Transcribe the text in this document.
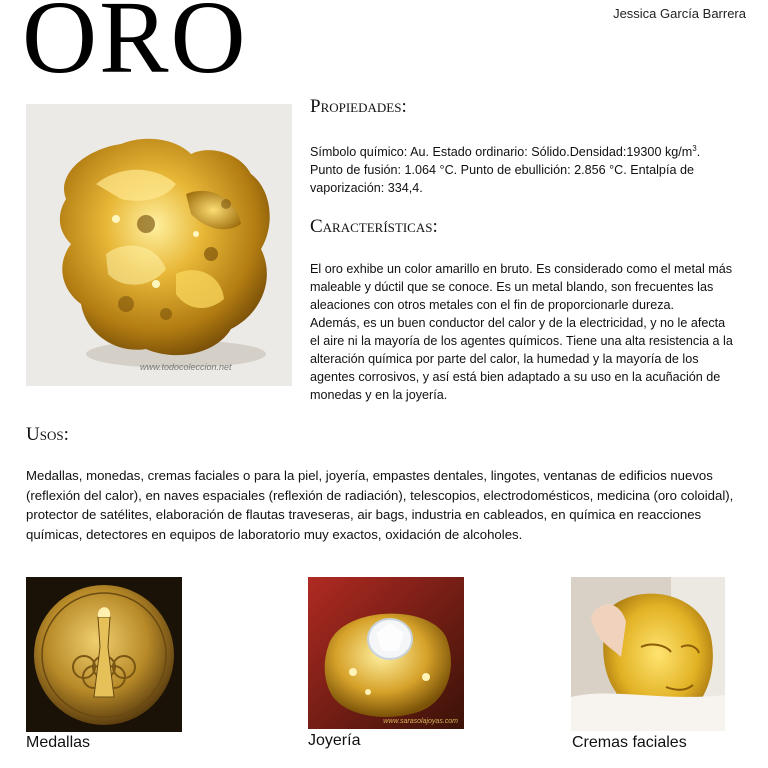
ORO	Jessica García Barrera
www.todocoleccion.net
Propiedades:
Símbolo químico: Au. Estado ordinario: Sólido.Densidad:19300 $kg/m^3$. Punto de fusión: 1.064 °C. Punto de ebullición: 2.856 °C. Entalpía de vaporización: 334,4.
Características:
El oro exhibe un color amarillo en bruto. Es considerado como el metal más maleable y dúctil que se conoce. Es un metal blando, son frecuentes las aleaciones con otros metales con el fin de proporcionarle dureza.
Además, es un buen conductor del calor y de la electricidad, y no le afecta el aire ni la mayoría de los agentes químicos. Tiene una alta resistencia a la alteración química por parte del calor, la humedad y la mayoría de los agentes corrosivos, y así está bien adaptado a su uso en la acuñación de monedas y en la joyería.
Usos:
Medallas, monedas, cremas faciales o para la piel, joyería, empastes dentales, lingotes, ventanas de edificios nuevos (reflexión del calor), en naves espaciales (reflexión de radiación), telescopios, electrodomésticos, medicina (oro coloidal), protector de satélites, elaboración de flautas traveseras, air bags, industria en cableados, en química en reacciones químicas, detectores en equipos de laboratorio muy exactos, oxidación de alcoholes.
Medallas
www.sarasolajoyas.com
Joyería	Cremas faciales
